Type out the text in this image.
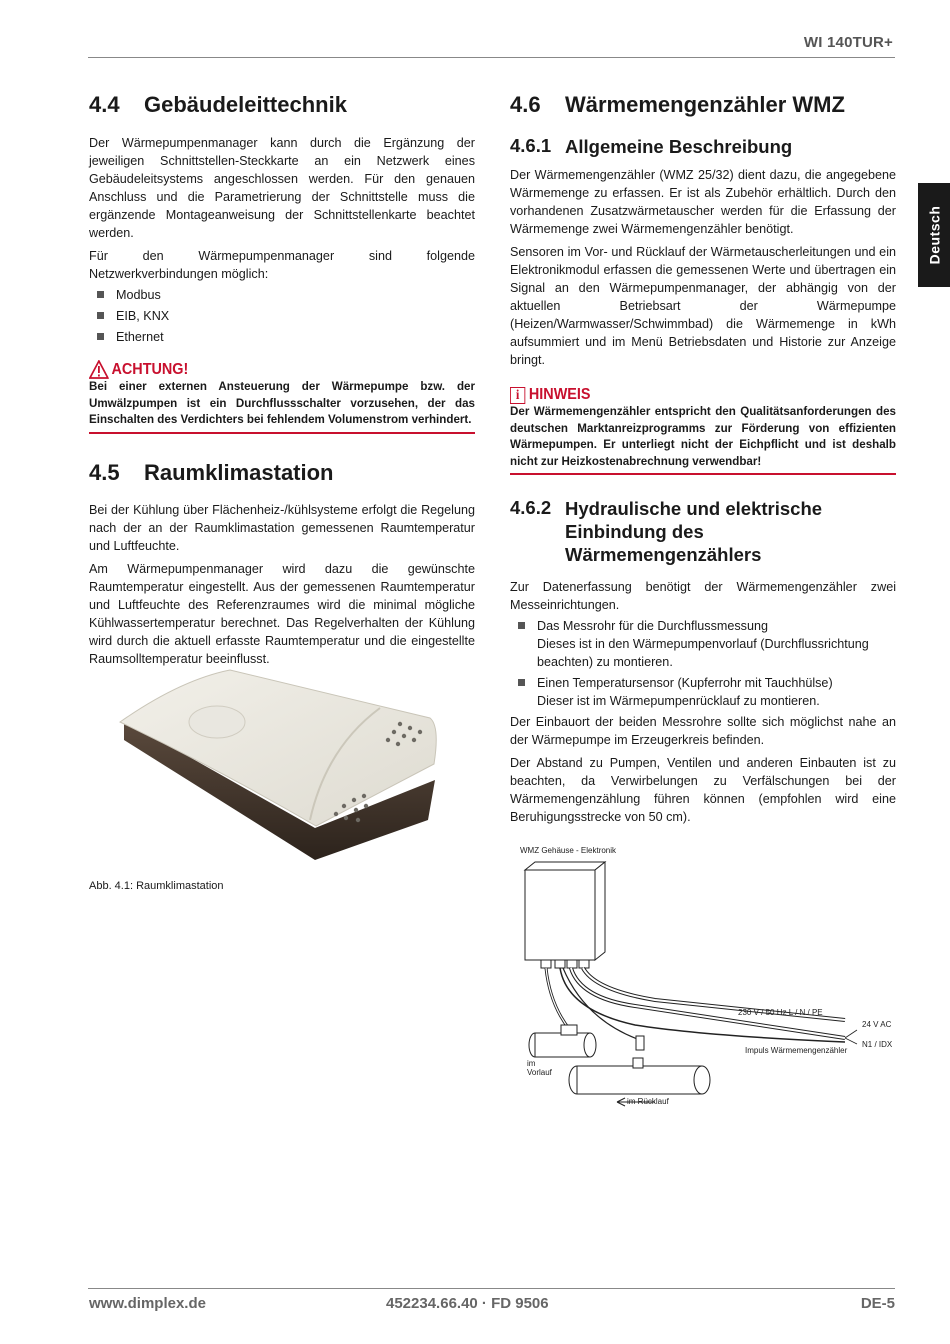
WI 140TUR+
Deutsch
4.4	Gebäudeleittechnik

Der Wärmepumpenmanager kann durch die Ergänzung der jeweiligen Schnittstellen-Steckkarte an ein Netzwerk eines Gebäudeleitsystems angeschlossen werden. Für den genauen Anschluss und die Parametrierung der Schnittstelle muss die ergänzende Montageanweisung der Schnittstellenkarte beachtet werden.

Für den Wärmepumpenmanager sind folgende Netzwerkverbindungen möglich:

Modbus
EIB, KNX
Ethernet
ACHTUNG!
Bei einer externen Ansteuerung der Wärmepumpe bzw. der Umwälzpumpen ist ein Durchflussschalter vorzusehen, der das Einschalten des Verdichters bei fehlendem Volumenstrom verhindert.
4.5	Raumklimastation

Bei der Kühlung über Flächenheiz-/kühlsysteme erfolgt die Regelung nach der an der Raumklimastation gemessenen Raumtemperatur und Luftfeuchte.

Am Wärmepumpenmanager wird dazu die gewünschte Raumtemperatur eingestellt. Aus der gemessenen Raumtemperatur und Luftfeuchte des Referenzraumes wird die minimal mögliche Kühlwassertemperatur berechnet. Das Regelverhalten der Kühlung wird durch die aktuell erfasste Raumtemperatur und die eingestellte Raumsolltemperatur beeinflusst.

Abb. 4.1: Raumklimastation
4.6	Wärmemengenzähler WMZ
4.6.1 Allgemeine Beschreibung

Der Wärmemengenzähler (WMZ 25/32) dient dazu, die angegebene Wärmemenge zu erfassen. Er ist als Zubehör erhältlich. Durch den vorhandenen Zusatzwärmetauscher werden für die Erfassung der Wärmemenge zwei Wärmemengenzähler benötigt.

Sensoren im Vor- und Rücklauf der Wärmetauscherleitungen und ein Elektronikmodul erfassen die gemessenen Werte und übertragen ein Signal an den Wärmepumpenmanager, der abhängig von der aktuellen Betriebsart der Wärmepumpe (Heizen/Warmwasser/Schwimmbad) die Wärmemenge in kWh aufsummiert und im Menü Betriebsdaten und Historie zur Anzeige bringt.

i HINWEIS
Der Wärmemengenzähler entspricht den Qualitätsanforderungen des deutschen Marktanreizprogramms zur Förderung von effizienten Wärmepumpen. Er unterliegt nicht der Eichpflicht und ist deshalb nicht zur Heizkostenabrechnung verwendbar!
4.6.2 Hydraulische und elektrische Einbindung des Wärmemengenzählers

Zur Datenerfassung benötigt der Wärmemengenzähler zwei Messeinrichtungen.

Das Messrohr für die Durchflussmessung
Dieses ist in den Wärmepumpenvorlauf (Durchflussrichtung beachten) zu montieren.
Einen Temperatursensor (Kupferrohr mit Tauchhülse)
Dieser ist im Wärmepumpenrücklauf zu montieren.

Der Einbauort der beiden Messrohre sollte sich möglichst nahe an der Wärmepumpe im Erzeugerkreis befinden.

Der Abstand zu Pumpen, Ventilen und anderen Einbauten ist zu beachten, da Verwirbelungen zu Verfälschungen bei der Wärmemengenzählung führen können (empfohlen wird eine Beruhigungsstrecke von 50 cm).

WMZ Gehäuse - Elektronik
230 V / 50 Hz L / N / PE
24 V AC
N1 / IDX
Impuls Wärmemengenzähler
im
Vorlauf
im Rücklauf
www.dimplex.de	452234.66.40 · FD 9506	DE-5
